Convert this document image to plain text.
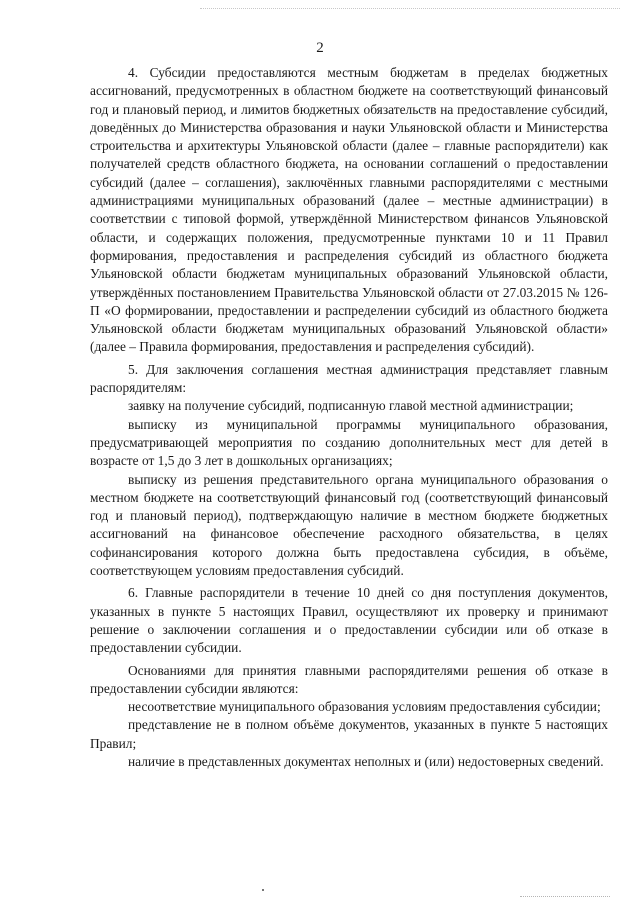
2

4. Субсидии предоставляются местным бюджетам в пределах бюджетных ассигнований, предусмотренных в областном бюджете на соответствующий финансовый год и плановый период, и лимитов бюджетных обязательств на предоставление субсидий, доведённых до Министерства образования и науки Ульяновской области и Министерства строительства и архитектуры Ульяновской области (далее – главные распорядители) как получателей средств областного бюджета, на основании соглашений о предоставлении субсидий (далее – соглашения), заключённых главными распорядителями с местными администрациями муниципальных образований (далее – местные администрации) в соответствии с типовой формой, утверждённой Министерством финансов Ульяновской области, и содержащих положения, предусмотренные пунктами 10 и 11 Правил формирования, предоставления и распределения субсидий из областного бюджета Ульяновской области бюджетам муниципальных образований Ульяновской области, утверждённых постановлением Правительства Ульяновской области от 27.03.2015 № 126-П «О формировании, предоставлении и распределении субсидий из областного бюджета Ульяновской области бюджетам муниципальных образований Ульяновской области» (далее – Правила формирования, предоставления и распределения субсидий).

5. Для заключения соглашения местная администрация представляет главным распорядителям:

заявку на получение субсидий, подписанную главой местной администрации;

выписку из муниципальной программы муниципального образования, предусматривающей мероприятия по созданию дополнительных мест для детей в возрасте от 1,5 до 3 лет в дошкольных организациях;

выписку из решения представительного органа муниципального образования о местном бюджете на соответствующий финансовый год (соответствующий финансовый год и плановый период), подтверждающую наличие в местном бюджете бюджетных ассигнований на финансовое обеспечение расходного обязательства, в целях софинансирования которого должна быть предоставлена субсидия, в объёме, соответствующем условиям предоставления субсидий.

6. Главные распорядители в течение 10 дней со дня поступления документов, указанных в пункте 5 настоящих Правил, осуществляют их проверку и принимают решение о заключении соглашения и о предоставлении субсидии или об отказе в предоставлении субсидии.

Основаниями для принятия главными распорядителями решения об отказе в предоставлении субсидии являются:

несоответствие муниципального образования условиям предоставления субсидии;

представление не в полном объёме документов, указанных в пункте 5 настоящих Правил;

наличие в представленных документах неполных и (или) недостоверных сведений.
